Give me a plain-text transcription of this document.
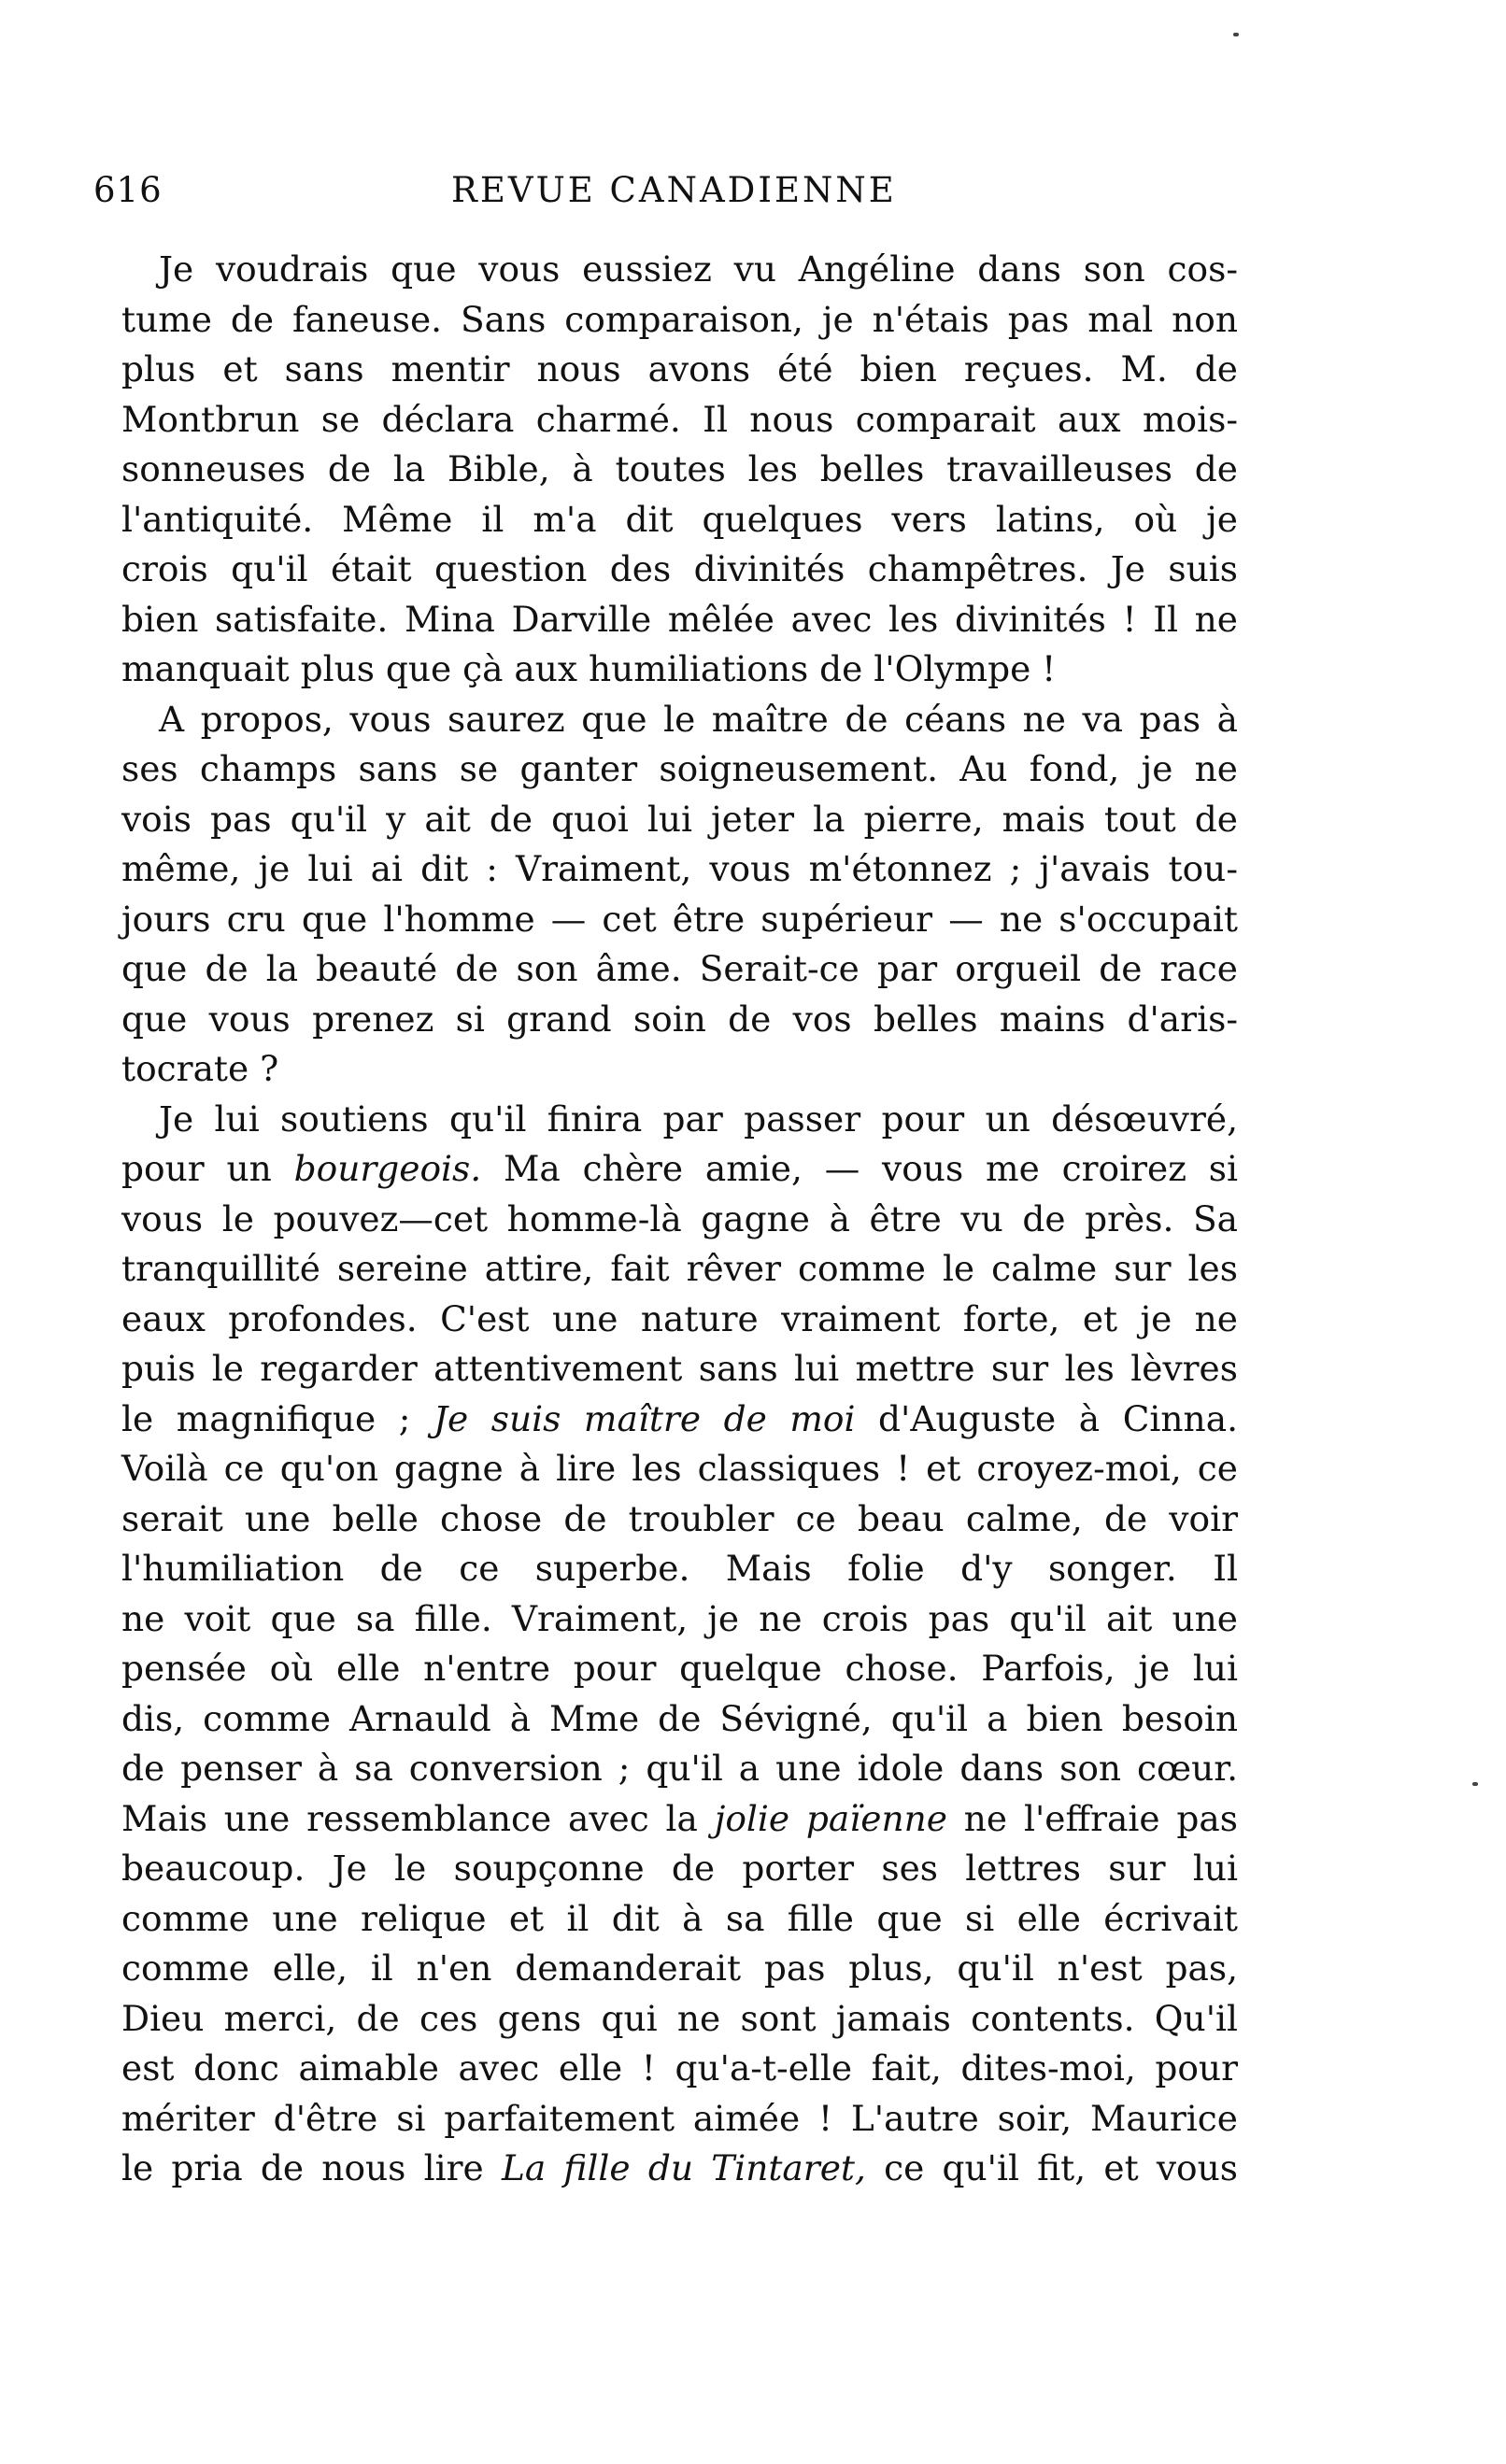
616	REVUE CANADIENNE
Je voudrais que vous eussiez vu Angéline dans son cos-
tume de faneuse. Sans comparaison, je n'étais pas mal non
plus et sans mentir nous avons été bien reçues. M. de
Montbrun se déclara charmé. Il nous comparait aux mois-
sonneuses de la Bible, à toutes les belles travailleuses de
l'antiquité. Même il m'a dit quelques vers latins, où je
crois qu'il était question des divinités champêtres. Je suis
bien satisfaite. Mina Darville mêlée avec les divinités ! Il ne
manquait plus que çà aux humiliations de l'Olympe !
A propos, vous saurez que le maître de céans ne va pas à
ses champs sans se ganter soigneusement. Au fond, je ne
vois pas qu'il y ait de quoi lui jeter la pierre, mais tout de
même, je lui ai dit : Vraiment, vous m'étonnez ; j'avais tou-
jours cru que l'homme — cet être supérieur — ne s'occupait
que de la beauté de son âme. Serait-ce par orgueil de race
que vous prenez si grand soin de vos belles mains d'aris-
tocrate ?
Je lui soutiens qu'il finira par passer pour un désœuvré,
pour un bourgeois. Ma chère amie, — vous me croirez si
vous le pouvez—cet homme-là gagne à être vu de près. Sa
tranquillité sereine attire, fait rêver comme le calme sur les
eaux profondes. C'est une nature vraiment forte, et je ne
puis le regarder attentivement sans lui mettre sur les lèvres
le magnifique ; Je suis maître de moi d'Auguste à Cinna.
Voilà ce qu'on gagne à lire les classiques ! et croyez-moi, ce
serait une belle chose de troubler ce beau calme, de voir
l'humiliation de ce superbe. Mais folie d'y songer. Il
ne voit que sa fille. Vraiment, je ne crois pas qu'il ait une
pensée où elle n'entre pour quelque chose. Parfois, je lui
dis, comme Arnauld à Mme de Sévigné, qu'il a bien besoin
de penser à sa conversion ; qu'il a une idole dans son cœur.
Mais une ressemblance avec la jolie païenne ne l'effraie pas
beaucoup. Je le soupçonne de porter ses lettres sur lui
comme une relique et il dit à sa fille que si elle écrivait
comme elle, il n'en demanderait pas plus, qu'il n'est pas,
Dieu merci, de ces gens qui ne sont jamais contents. Qu'il
est donc aimable avec elle ! qu'a-t-elle fait, dites-moi, pour
mériter d'être si parfaitement aimée ! L'autre soir, Maurice
le pria de nous lire La fille du Tintaret, ce qu'il fit, et vous
